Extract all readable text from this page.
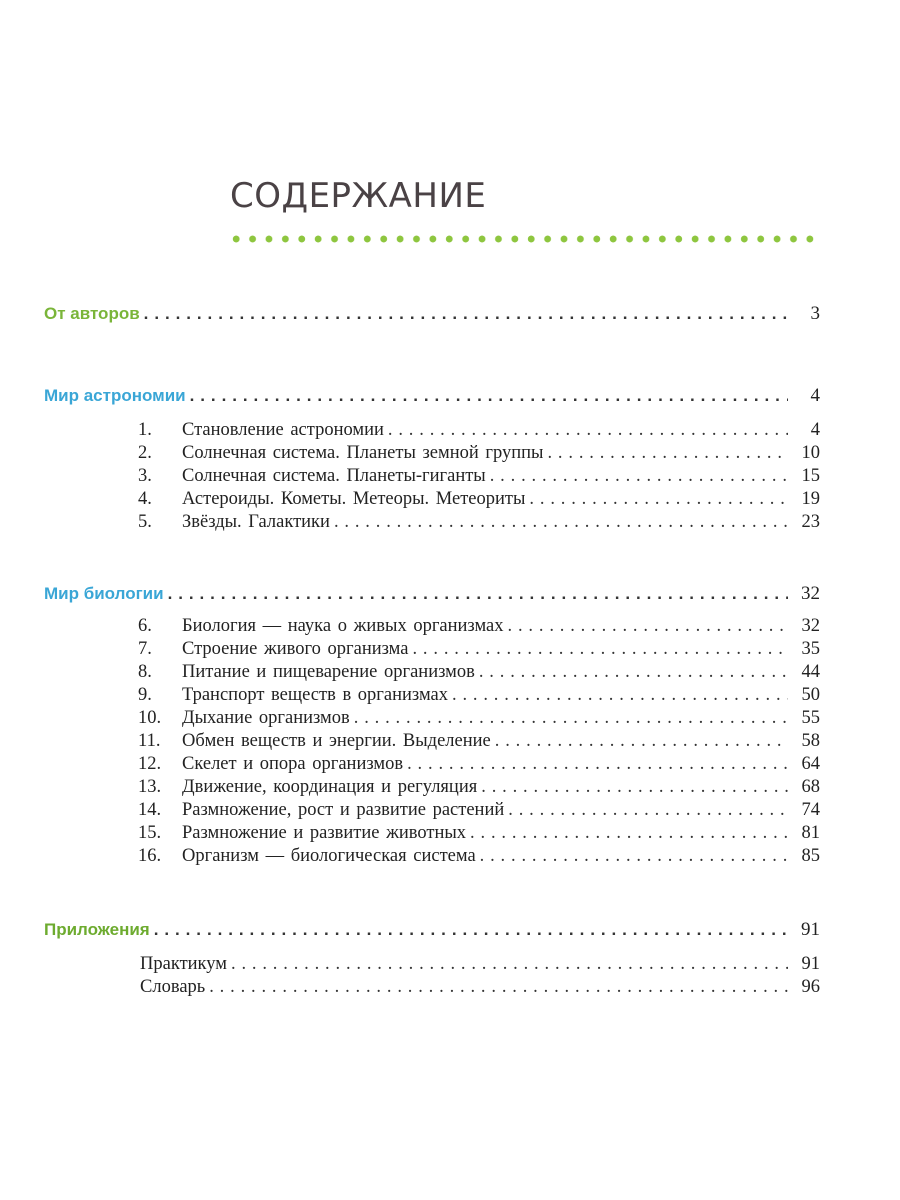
СОДЕРЖАНИЕ
От авторов . . .	3
Мир астрономии . . .	4
1.	Становление астрономии . . .	4
2.	Солнечная система. Планеты земной группы . . .	10
3.	Солнечная система. Планеты-гиганты . . .	15
4.	Астероиды. Кометы. Метеоры. Метеориты . . .	19
5.	Звёзды. Галактики . . .	23
Мир биологии . . .	32
6.	Биология — наука о живых организмах . . .	32
7.	Строение живого организма . . .	35
8.	Питание и пищеварение организмов . . .	44
9.	Транспорт веществ в организмах . . .	50
10.	Дыхание организмов . . .	55
11.	Обмен веществ и энергии. Выделение . . .	58
12.	Скелет и опора организмов . . .	64
13.	Движение, координация и регуляция . . .	68
14.	Размножение, рост и развитие растений . . .	74
15.	Размножение и развитие животных . . .	81
16.	Организм — биологическая система . . .	85
Приложения . . .	91
Практикум . . .	91
Словарь . . .	96
